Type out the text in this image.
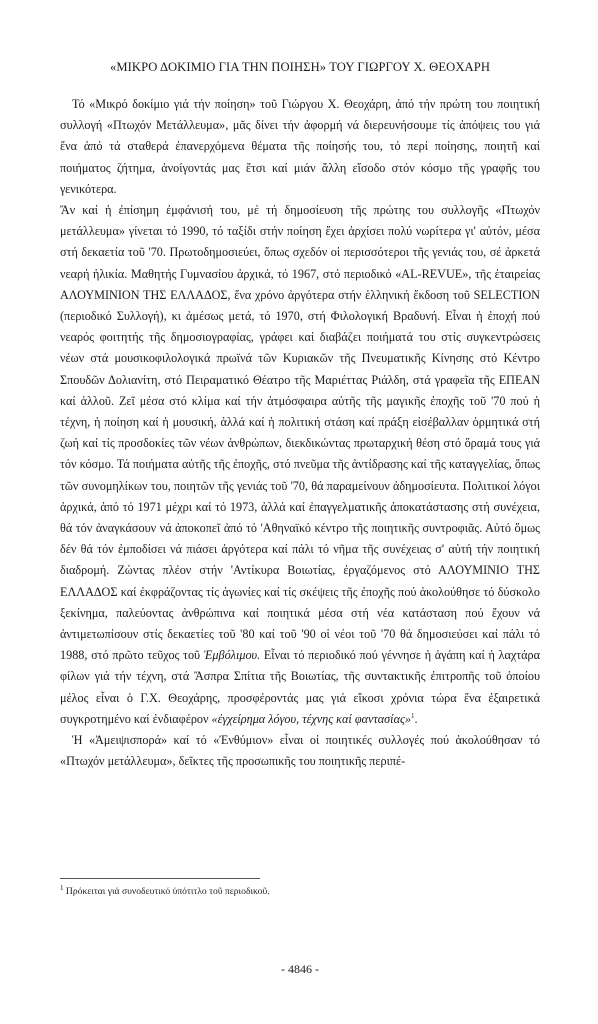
«ΜΙΚΡΟ ΔΟΚΙΜΙΟ ΓΙΑ ΤΗΝ ΠΟΙΗΣΗ» ΤΟΥ ΓΙΩΡΓΟΥ Χ. ΘΕΟΧΑΡΗ

Τό «Μικρό δοκίμιο γιά τήν ποίηση» τοῦ Γιώργου Χ. Θεοχάρη, ἀπό τήν πρώτη του ποιητική συλλογή «Πτωχόν Μετάλλευμα», μᾶς δίνει τήν ἀφορμή νά διερευνήσουμε τίς ἀπόψεις του γιά ἕνα ἀπό τά σταθερά ἐπανερχόμενα θέματα τῆς ποίησής του, τό περί ποίησης, ποιητῆ καί ποιήματος ζήτημα, ἀνοίγοντάς μας ἔτσι καί μιάν ἄλλη εἴσοδο στόν κόσμο τῆς γραφῆς του γενικότερα.

Ἄν καί ἡ ἐπίσημη ἐμφάνισή του, μέ τή δημοσίευση τῆς πρώτης του συλλογῆς «Πτωχόν μετάλλευμα» γίνεται τό 1990, τό ταξίδι στήν ποίηση ἔχει ἀρχίσει πολύ νωρίτερα γι' αὐτόν, μέσα στή δεκαετία τοῦ '70. Πρωτοδημοσιεύει, ὅπως σχεδόν οἱ περισσότεροι τῆς γενιάς του, σέ ἀρκετά νεαρή ἡλικία. Μαθητής Γυμνασίου ἀρχικά, τό 1967, στό περιοδικό «AL-REVUE», τῆς ἑταιρείας ΑΛΟΥΜΙΝΙΟΝ ΤΗΣ ΕΛΛΑΔΟΣ, ἕνα χρόνο ἀργότερα στήν ἑλληνική ἔκδοση τοῦ SELECTION (περιοδικό Συλλογή), κι ἀμέσως μετά, τό 1970, στή Φιλολογική Βραδυνή. Εἶναι ἡ ἐποχή πού νεαρός φοιτητής τῆς δημοσιογραφίας, γράφει καί διαβάζει ποιήματά του στίς συγκεντρώσεις νέων στά μουσικοφιλολογικά πρωϊνά τῶν Κυριακῶν τῆς Πνευματικῆς Κίνησης στό Κέντρο Σπουδῶν Δολιανίτη, στό Πειραματικό Θέατρο τῆς Μαριέττας Ριάλδη, στά γραφεῖα τῆς ΕΠΕΑΝ καί ἀλλοῦ. Ζεῖ μέσα στό κλίμα καί τήν ἀτμόσφαιρα αὐτῆς τῆς μαγικῆς ἐποχῆς τοῦ '70 πού ἡ τέχνη, ἡ ποίηση καί ἡ μουσική, ἀλλά καί ἡ πολιτική στάση καί πράξη εἰσέβαλλαν ὁρμητικά στή ζωή καί τίς προσδοκίες τῶν νέων ἀνθρώπων, διεκδικώντας πρωταρχική θέση στό ὅραμά τους γιά τόν κόσμο. Τά ποιήματα αὐτῆς τῆς ἐποχῆς, στό πνεῦμα τῆς ἀντίδρασης καί τῆς καταγγελίας, ὅπως τῶν συνομηλίκων του, ποιητῶν τῆς γενιάς τοῦ '70, θά παραμείνουν ἀδημοσίευτα. Πολιτικοί λόγοι ἀρχικά, ἀπό τό 1971 μέχρι καί τό 1973, ἀλλά καί ἐπαγγελματικῆς ἀποκατάστασης στή συνέχεια, θά τόν ἀναγκάσουν νά ἀποκοπεῖ ἀπό τό 'Αθηναϊκό κέντρο τῆς ποιητικῆς συντροφιᾶς. Αὐτό ὅμως δέν θά τόν ἐμποδίσει νά πιάσει ἀργότερα καί πάλι τό νῆμα τῆς συνέχειας σ' αὐτή τήν ποιητική διαδρομή. Ζώντας πλέον στήν 'Αντίκυρα Βοιωτίας, ἐργαζόμενος στό ΑΛΟΥΜΙΝΙΟ ΤΗΣ ΕΛΛΑΔΟΣ καί ἐκφράζοντας τίς ἀγωνίες καί τίς σκέψεις τῆς ἐποχῆς πού ἀκολούθησε τό δύσκολο ξεκίνημα, παλεύοντας ἀνθρώπινα καί ποιητικά μέσα στή νέα κατάσταση πού ἔχουν νά ἀντιμετωπίσουν στίς δεκαετίες τοῦ '80 καί τοῦ '90 οἱ νέοι τοῦ '70 θά δημοσιεύσει καί πάλι τό 1988, στό πρῶτο τεῦχος τοῦ Ἐμβόλιμου. Εἶναι τό περιοδικό πού γέννησε ἡ ἀγάπη καί ἡ λαχτάρα φίλων γιά τήν τέχνη, στά Ἄσπρα Σπίτια τῆς Βοιωτίας, τῆς συντακτικῆς ἐπιτροπῆς τοῦ ὁποίου μέλος εἶναι ὁ Γ.Χ. Θεοχάρης, προσφέροντάς μας γιά εἴκοσι χρόνια τώρα ἕνα ἐξαιρετικά συγκροτημένο καί ἐνδιαφέρον «ἐγχείρημα λόγου, τέχνης καί φαντασίας»$^1$.

Ἡ «Ἀμειψισπορά» καί τό «Ἐνθύμιον» εἶναι οἱ ποιητικές συλλογές πού ἀκολούθησαν τό «Πτωχόν μετάλλευμα», δεῖκτες τῆς προσωπικῆς του ποιητικῆς περιπέ-

$^1$ Πρόκειται γιά συνοδευτικό ὑπότιτλο τοῦ περιοδικοῦ.
- 4846 -
